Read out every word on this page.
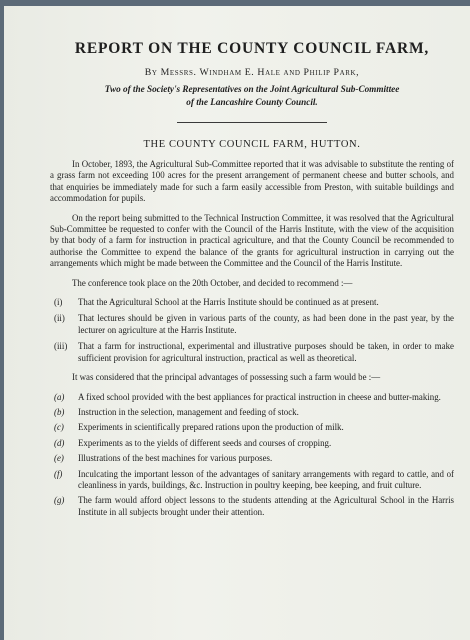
REPORT ON THE COUNTY COUNCIL FARM,
By Messrs. Windham E. Hale and Philip Park,
Two of the Society's Representatives on the Joint Agricultural Sub-Committee
of the Lancashire County Council.
THE COUNTY COUNCIL FARM, HUTTON.

In October, 1893, the Agricultural Sub-Committee reported that it was advisable to substitute the renting of a grass farm not exceeding 100 acres for the present arrangement of permanent cheese and butter schools, and that enquiries be immediately made for such a farm easily accessible from Preston, with suitable buildings and accommodation for pupils.

On the report being submitted to the Technical Instruction Committee, it was resolved that the Agricultural Sub-Committee be requested to confer with the Council of the Harris Institute, with the view of the acquisition by that body of a farm for instruction in practical agriculture, and that the County Council be recommended to authorise the Committee to expend the balance of the grants for agricultural instruction in carrying out the arrangements which might be made between the Committee and the Council of the Harris Institute.

The conference took place on the 20th October, and decided to recommend :—

(i)	That the Agricultural School at the Harris Institute should be continued as at present.
(ii)	That lectures should be given in various parts of the county, as had been done in the past year, by the lecturer on agriculture at the Harris Institute.
(iii)	That a farm for instructional, experimental and illustrative purposes should be taken, in order to make sufficient provision for agricultural instruction, practical as well as theoretical.

It was considered that the principal advantages of possessing such a farm would be :—

(a)	A fixed school provided with the best appliances for practical instruction in cheese and butter-making.
(b)	Instruction in the selection, management and feeding of stock.
(c)	Experiments in scientifically prepared rations upon the production of milk.
(d)	Experiments as to the yields of different seeds and courses of cropping.
(e)	Illustrations of the best machines for various purposes.
(f)	Inculcating the important lesson of the advantages of sanitary arrangements with regard to cattle, and of cleanliness in yards, buildings, &c. Instruction in poultry keeping, bee keeping, and fruit culture.
(g)	The farm would afford object lessons to the students attending at the Agricultural School in the Harris Institute in all subjects brought under their attention.
